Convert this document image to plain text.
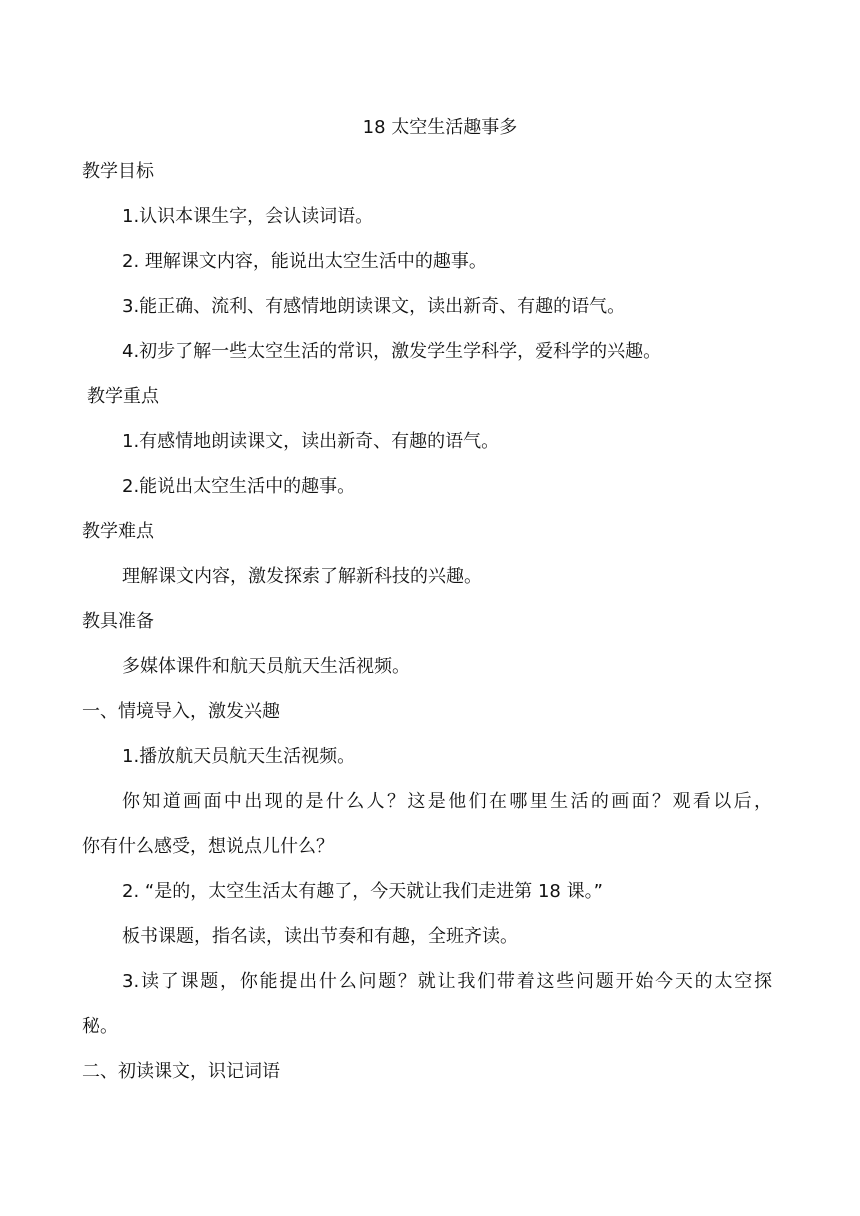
18 太空生活趣事多
教学目标
1.认识本课生字，会认读词语。
2. 理解课文内容，能说出太空生活中的趣事。
3.能正确、流利、有感情地朗读课文，读出新奇、有趣的语气。
4.初步了解一些太空生活的常识，激发学生学科学，爱科学的兴趣。
教学重点
1.有感情地朗读课文，读出新奇、有趣的语气。
2.能说出太空生活中的趣事。
教学难点
理解课文内容，激发探索了解新科技的兴趣。
教具准备
多媒体课件和航天员航天生活视频。
一、情境导入，激发兴趣
1.播放航天员航天生活视频。
你知道画面中出现的是什么人？这是他们在哪里生活的画面？观看以后，
你有什么感受，想说点儿什么？
2. “是的，太空生活太有趣了，今天就让我们走进第 18 课。”
板书课题，指名读，读出节奏和有趣，全班齐读。
3.读了课题，你能提出什么问题？就让我们带着这些问题开始今天的太空探
秘。
二、初读课文，识记词语
